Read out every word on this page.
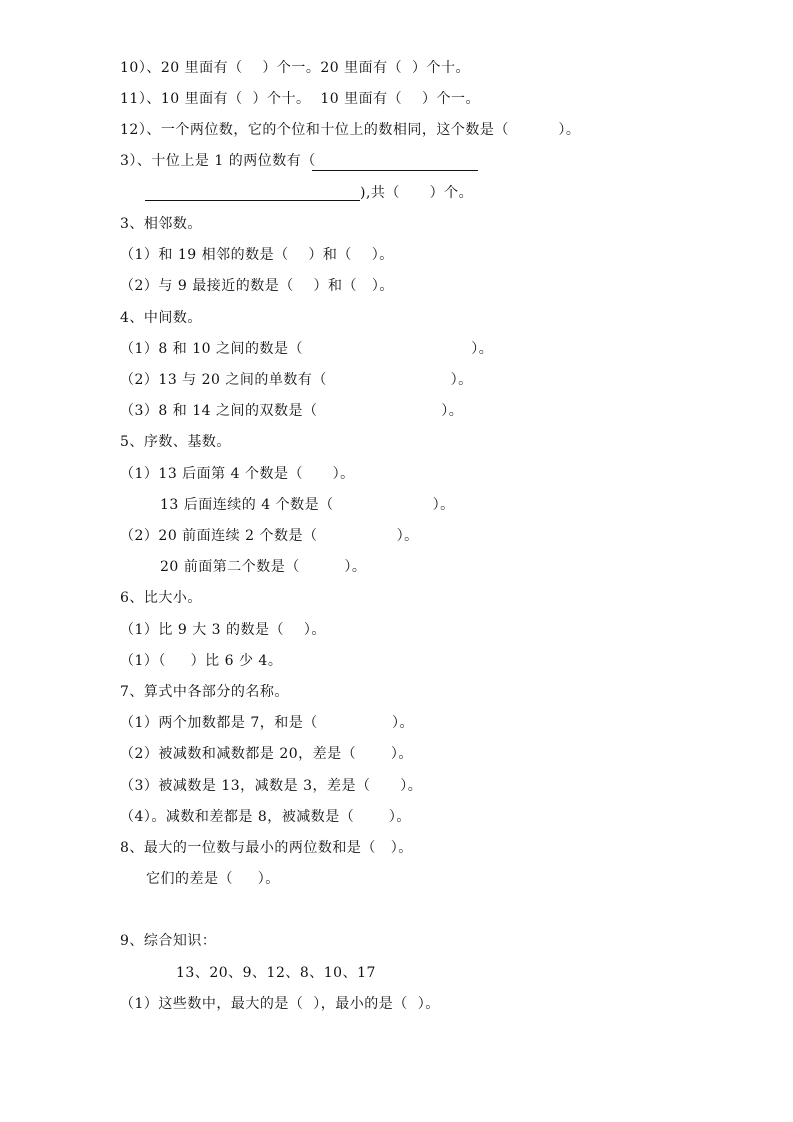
10）、20 里面有（    ）个一。20 里面有（  ）个十。
11）、10 里面有（  ）个十。  10 里面有（    ）个一。
12）、一个两位数，它的个位和十位上的数相同，这个数是（          ）。
3）、十位上是 1 的两位数有（
),共（      ）个。
3、相邻数。
（1）和 19 相邻的数是（    ）和（    ）。
（2）与 9 最接近的数是（    ）和（   ）。
4、中间数。
（1）8 和 10 之间的数是（                                  ）。
（2）13 与 20 之间的单数有（                         ）。
（3）8 和 14 之间的双数是（                         ）。
5、序数、基数。
（1）13 后面第 4 个数是（      ）。
13 后面连续的 4 个数是（                    ）。
（2）20 前面连续 2 个数是（                ）。
20 前面第二个数是（         ）。
6、比大小。
（1）比 9 大 3 的数是（    ）。
（1）（     ）比 6 少 4。
7、算式中各部分的名称。
（1）两个加数都是 7，和是（               ）。
（2）被减数和减数都是 20，差是（       ）。
（3）被减数是 13，减数是 3，差是（      ）。
（4）。减数和差都是 8，被减数是（       ）。
8、最大的一位数与最小的两位数和是（   ）。
它们的差是（     ）。
9、综合知识：
13、20、9、12、8、10、17
（1）这些数中，最大的是（  ），最小的是（  ）。
